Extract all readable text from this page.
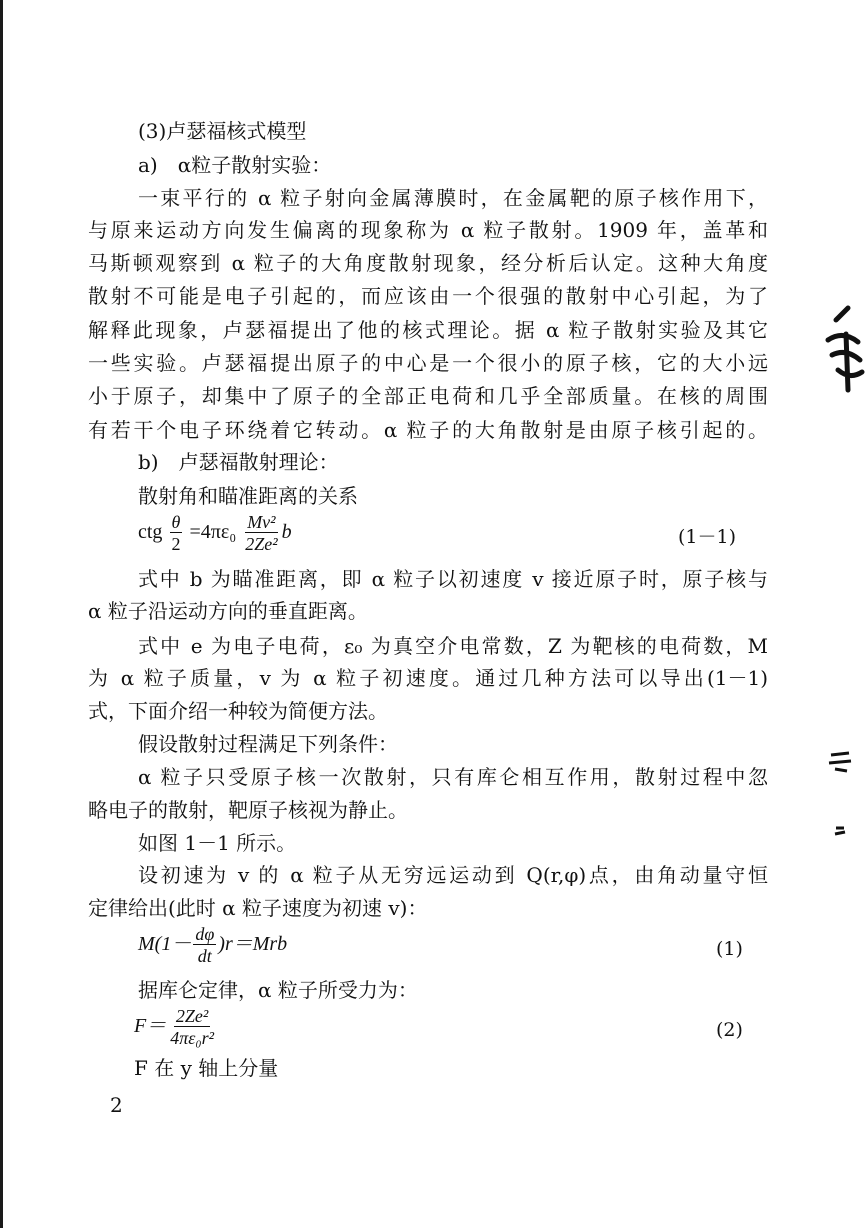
(3)卢瑟福核式模型
a)　α粒子散射实验：
一束平行的 α 粒子射向金属薄膜时，在金属靶的原子核作用下，
与原来运动方向发生偏离的现象称为 α 粒子散射。1909 年，盖革和
马斯顿观察到 α 粒子的大角度散射现象，经分析后认定。这种大角度
散射不可能是电子引起的，而应该由一个很强的散射中心引起，为了
解释此现象，卢瑟福提出了他的核式理论。据 α 粒子散射实验及其它
一些实验。卢瑟福提出原子的中心是一个很小的原子核，它的大小远
小于原子，却集中了原子的全部正电荷和几乎全部质量。在核的周围
有若干个电子环绕着它转动。α 粒子的大角散射是由原子核引起的。
b)　卢瑟福散射理论：
散射角和瞄准距离的关系
ctg $\frac{\theta}{2} =4\pi\varepsilon_0 \frac{\text{Mv²}}{\text{2Ze²}}$ b	(1－1)
式中 b 为瞄准距离，即 α 粒子以初速度 v 接近原子时，原子核与
α 粒子沿运动方向的垂直距离。
式中 e 为电子电荷，ε₀ 为真空介电常数，Z 为靶核的电荷数，M
为 α 粒子质量，v 为 α 粒子初速度。通过几种方法可以导出(1－1)
式，下面介绍一种较为简便方法。
假设散射过程满足下列条件：
α 粒子只受原子核一次散射，只有库仑相互作用，散射过程中忽
略电子的散射，靶原子核视为静止。
如图 1－1 所示。
设初速为 v 的 α 粒子从无穷远运动到 Q(r,φ)点，由角动量守恒
定律给出(此时 α 粒子速度为初速 v)：
$M(1- \frac{d\varphi}{dt} )r=Mrb$	(1)
据库仑定律，α 粒子所受力为：
$F= \frac{\text{2Ze²}}{\text{4πε₀r²}}$	(2)
F 在 y 轴上分量
2
